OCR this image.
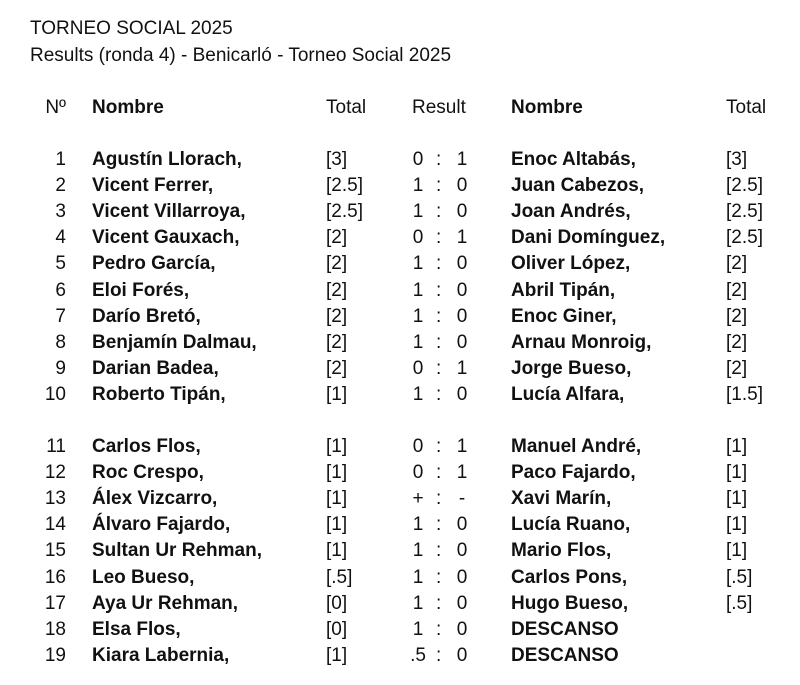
TORNEO SOCIAL 2025
Results (ronda 4) - Benicarló - Torneo Social 2025
Nº Nombre	Total Result Nombre	Total
1 Agustín Llorach,	[3]	0 : 1 Enoc Altabás,	[3]
2 Vicent Ferrer,	[2.5]	1 : 0 Juan Cabezos,	[2.5]
3 Vicent Villarroya,	[2.5]	1 : 0 Joan Andrés,	[2.5]
4 Vicent Gauxach,	[2]	0 : 1 Dani Domínguez,	[2.5]
5 Pedro García,	[2]	1 : 0 Oliver López,	[2]
6 Eloi Forés,	[2]	1 : 0 Abril Tipán,	[2]
7 Darío Bretó,	[2]	1 : 0 Enoc Giner,	[2]
8 Benjamín Dalmau,	[2]	1 : 0 Arnau Monroig,	[2]
9 Darian Badea,	[2]	0 : 1 Jorge Bueso,	[2]
10 Roberto Tipán,	[1]	1 : 0 Lucía Alfara,	[1.5]
11 Carlos Flos,	[1]	0 : 1 Manuel André,	[1]
12 Roc Crespo,	[1]	0 : 1 Paco Fajardo,	[1]
13 Álex Vizcarro,	[1]	+ : -	Xavi Marín,	[1]
14 Álvaro Fajardo,	[1]	1 : 0 Lucía Ruano,	[1]
15 Sultan Ur Rehman,	[1]	1 : 0 Mario Flos,	[1]
16 Leo Bueso,	[.5]	1 : 0 Carlos Pons,	[.5]
17 Aya Ur Rehman,	[0]	1 : 0 Hugo Bueso,	[.5]
18 Elsa Flos,	[0]	1 : 0 DESCANSO
19 Kiara Labernia,	[1]	.5 : 0 DESCANSO
